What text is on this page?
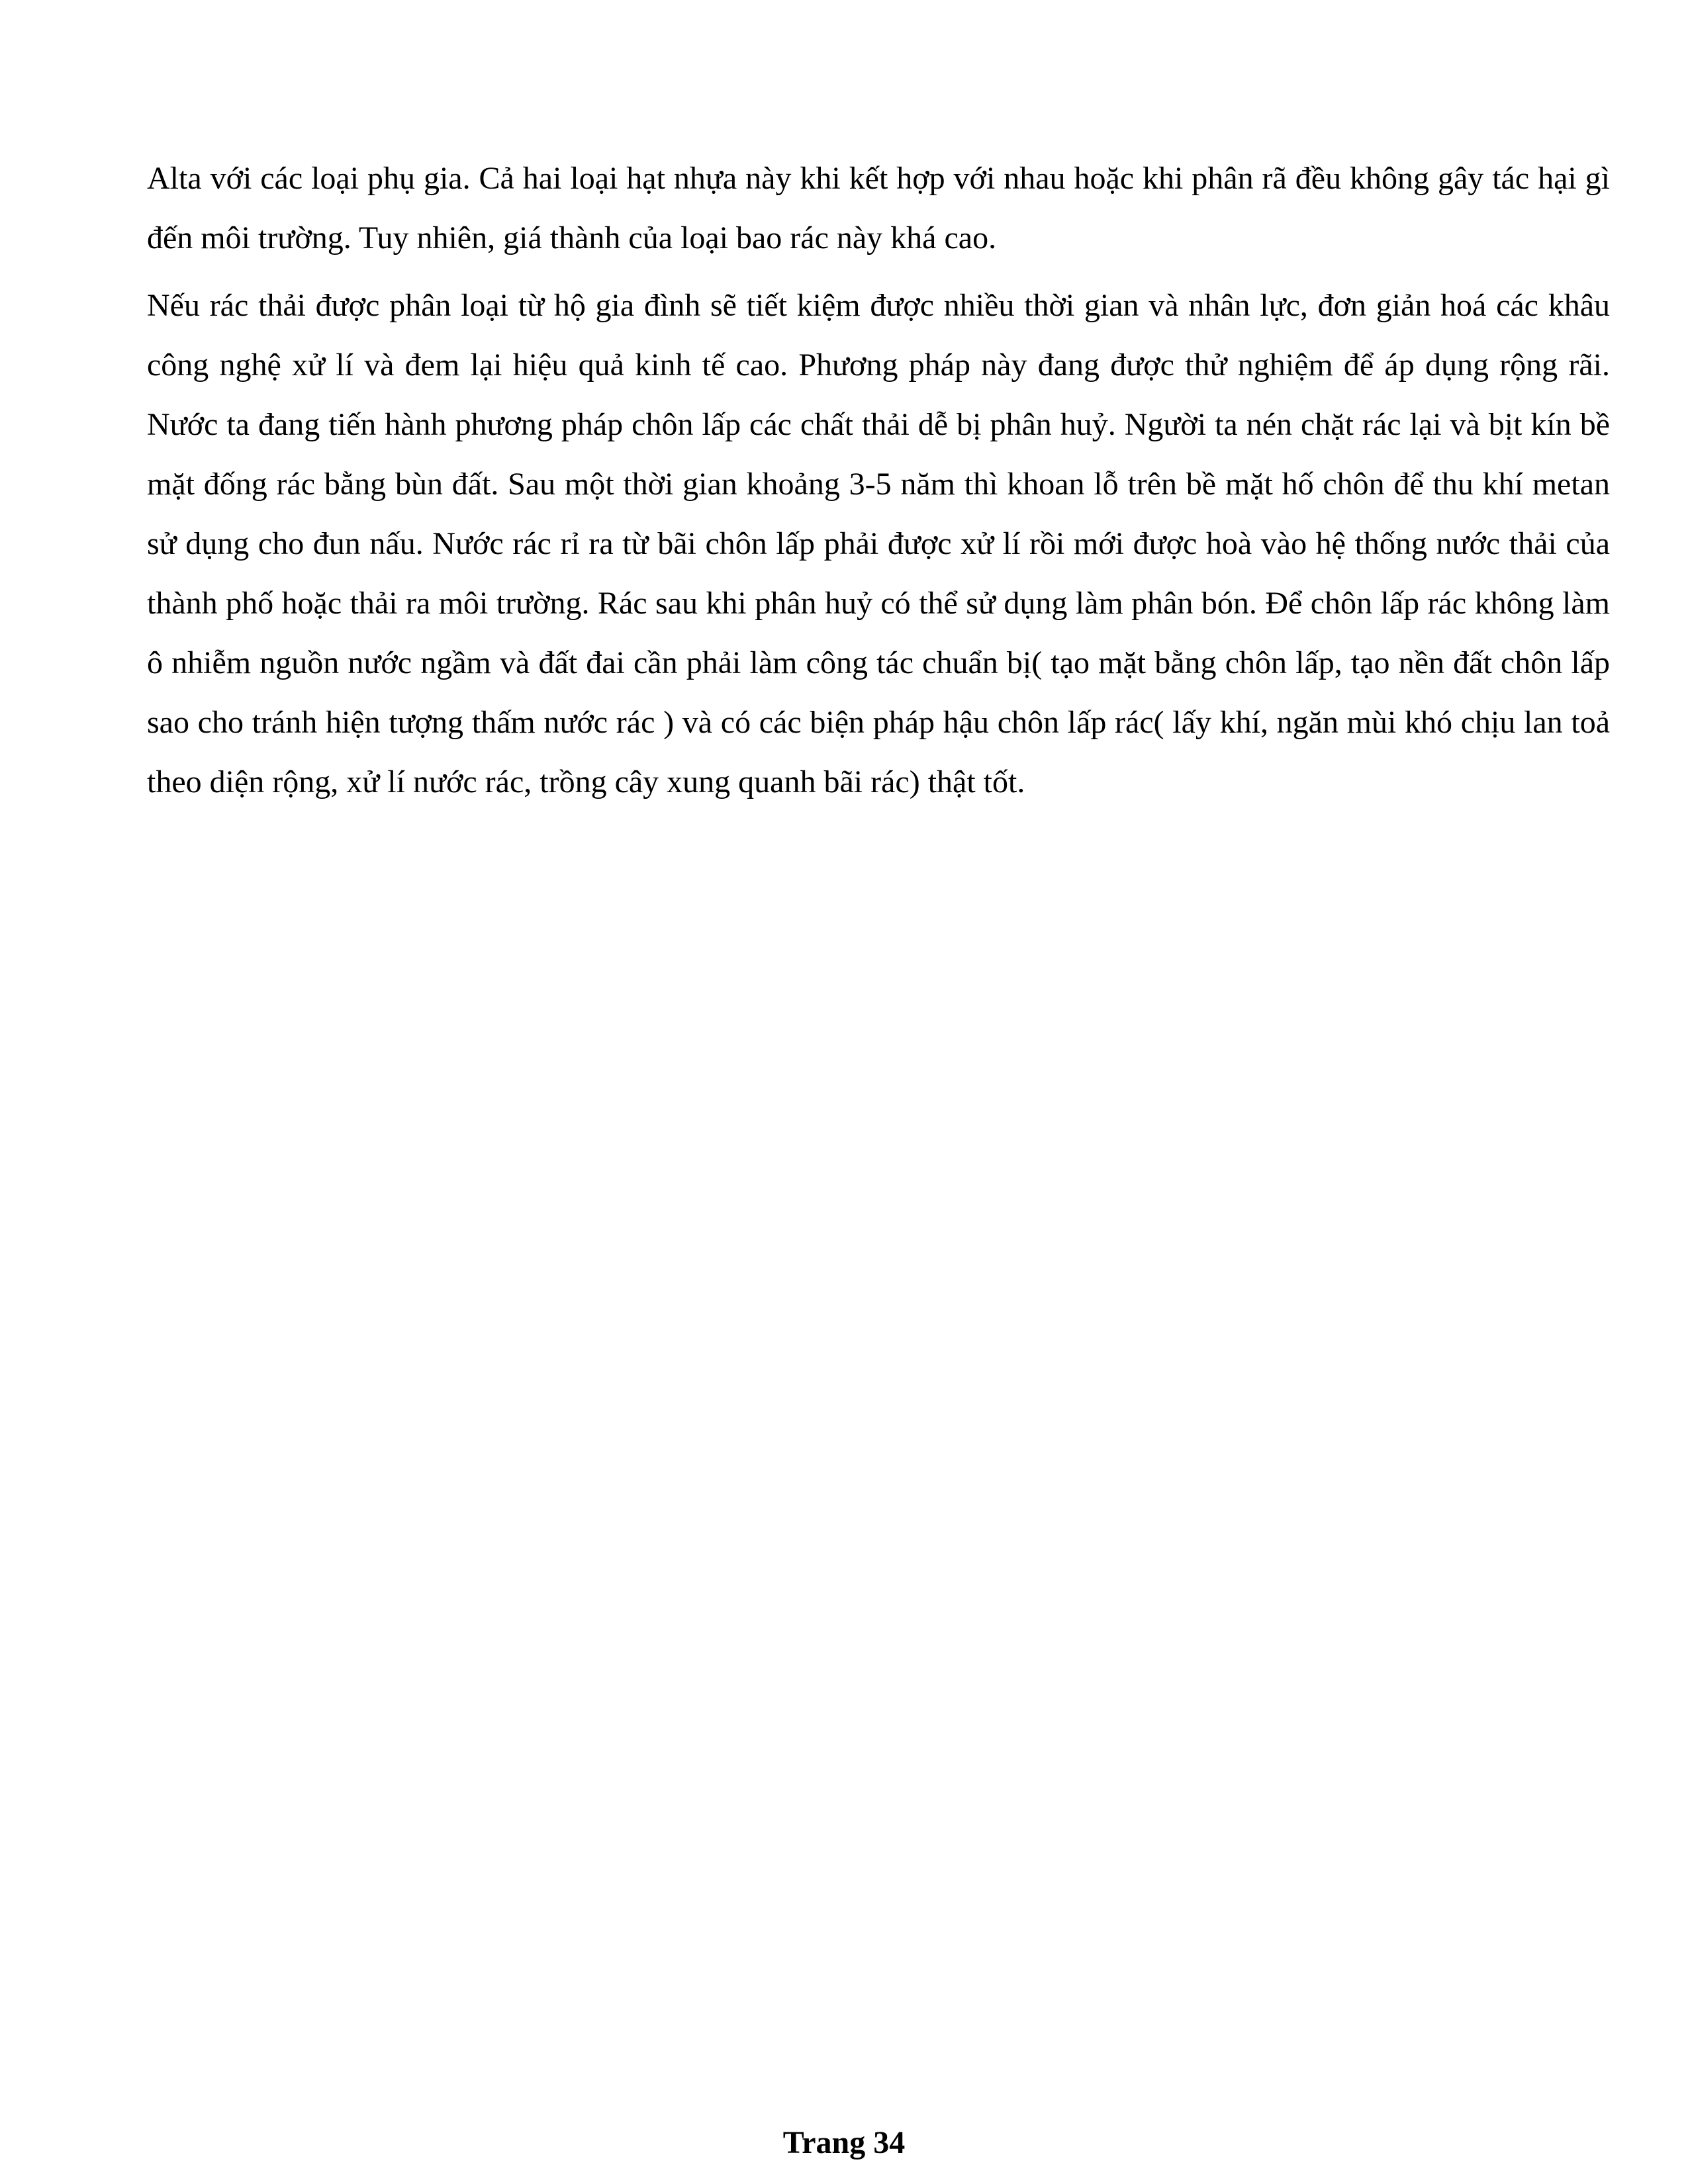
Alta với các loại phụ gia. Cả hai loại hạt nhựa này khi kết hợp với nhau hoặc khi phân rã đều không gây tác hại gì đến môi trường. Tuy nhiên, giá thành của loại bao rác này khá cao.

Nếu rác thải được phân loại từ hộ gia đình sẽ tiết kiệm được nhiều thời gian và nhân lực, đơn giản hoá các khâu công nghệ xử lí và đem lại hiệu quả kinh tế cao. Phương pháp này đang được thử nghiệm để áp dụng rộng rãi. Nước ta đang tiến hành phương pháp chôn lấp các chất thải dễ bị phân huỷ. Người ta nén chặt rác lại và bịt kín bề mặt đống rác bằng bùn đất. Sau một thời gian khoảng 3-5 năm thì khoan lỗ trên bề mặt hố chôn để thu khí metan sử dụng cho đun nấu. Nước rác rỉ ra từ bãi chôn lấp phải được xử lí rồi mới được hoà vào hệ thống nước thải của thành phố hoặc thải ra môi trường. Rác sau khi phân huỷ có thể sử dụng làm phân bón. Để chôn lấp rác không làm ô nhiễm nguồn nước ngầm và đất đai cần phải làm công tác chuẩn bị( tạo mặt bằng chôn lấp, tạo nền đất chôn lấp sao cho tránh hiện tượng thấm nước rác ) và có các biện pháp hậu chôn lấp rác( lấy khí, ngăn mùi khó chịu lan toả theo diện rộng, xử lí nước rác, trồng cây xung quanh bãi rác) thật tốt.

Trang 34
